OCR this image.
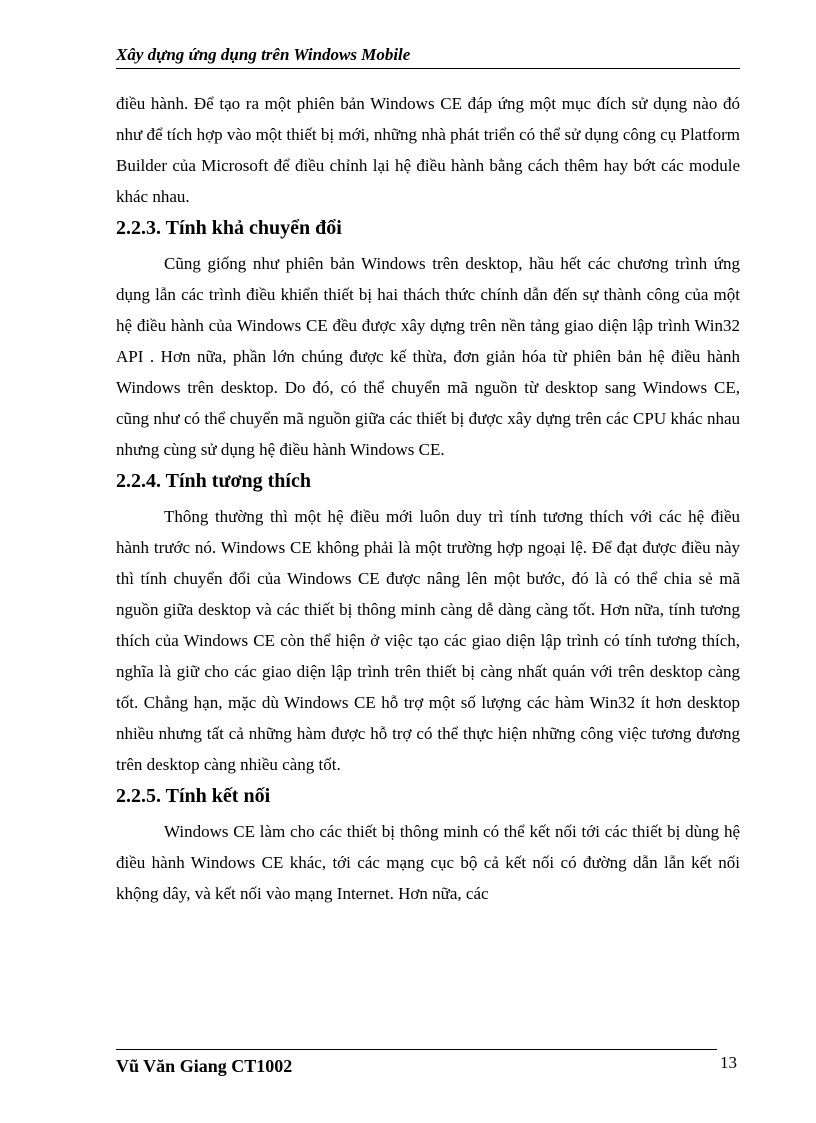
Xây dựng ứng dụng trên Windows Mobile

điều hành. Để tạo ra một phiên bản Windows CE đáp ứng một mục đích sử dụng nào đó như để tích hợp vào một thiết bị mới, những nhà phát triển có thể sử dụng công cụ Platform Builder của Microsoft để điều chỉnh lại hệ điều hành bằng cách thêm hay bớt các module khác nhau.

2.2.3. Tính khả chuyển đổi

Cũng giống như phiên bản Windows trên desktop, hầu hết các chương trình ứng dụng lẫn các trình điều khiển thiết bị hai thách thức chính dẫn đến sự thành công của một hệ điều hành của Windows CE đều được xây dựng trên nền tảng giao diện lập trình Win32 API . Hơn nữa, phần lớn chúng được kế thừa, đơn giản hóa từ phiên bản hệ điều hành Windows trên desktop. Do đó, có thể chuyển mã nguồn từ desktop sang Windows CE, cũng như có thể chuyển mã nguồn giữa các thiết bị được xây dựng trên các CPU khác nhau nhưng cùng sử dụng hệ điều hành Windows CE.

2.2.4. Tính tương thích

Thông thường thì một hệ điều mới luôn duy trì tính tương thích với các hệ điều hành trước nó. Windows CE không phải là một trường hợp ngoại lệ. Để đạt được điều này thì tính chuyển đổi của Windows CE được nâng lên một bước, đó là có thể chia sẻ mã nguồn giữa desktop và các thiết bị thông minh càng dễ dàng càng tốt. Hơn nữa, tính tương thích của Windows CE còn thể hiện ở việc tạo các giao diện lập trình có tính tương thích, nghĩa là giữ cho các giao diện lập trình trên thiết bị càng nhất quán với trên desktop càng tốt. Chẳng hạn, mặc dù Windows CE hỗ trợ một số lượng các hàm Win32 ít hơn desktop nhiều nhưng tất cả những hàm được hỗ trợ có thể thực hiện những công việc tương đương trên desktop càng nhiều càng tốt.

2.2.5. Tính kết nối

Windows CE làm cho các thiết bị thông minh có thể kết nối tới các thiết bị dùng hệ điều hành Windows CE khác, tới các mạng cục bộ cả kết nối có đường dẫn lẫn kết nối khộng dây, và kết nối vào mạng Internet. Hơn nữa, các

Vũ Văn Giang CT1002	13
